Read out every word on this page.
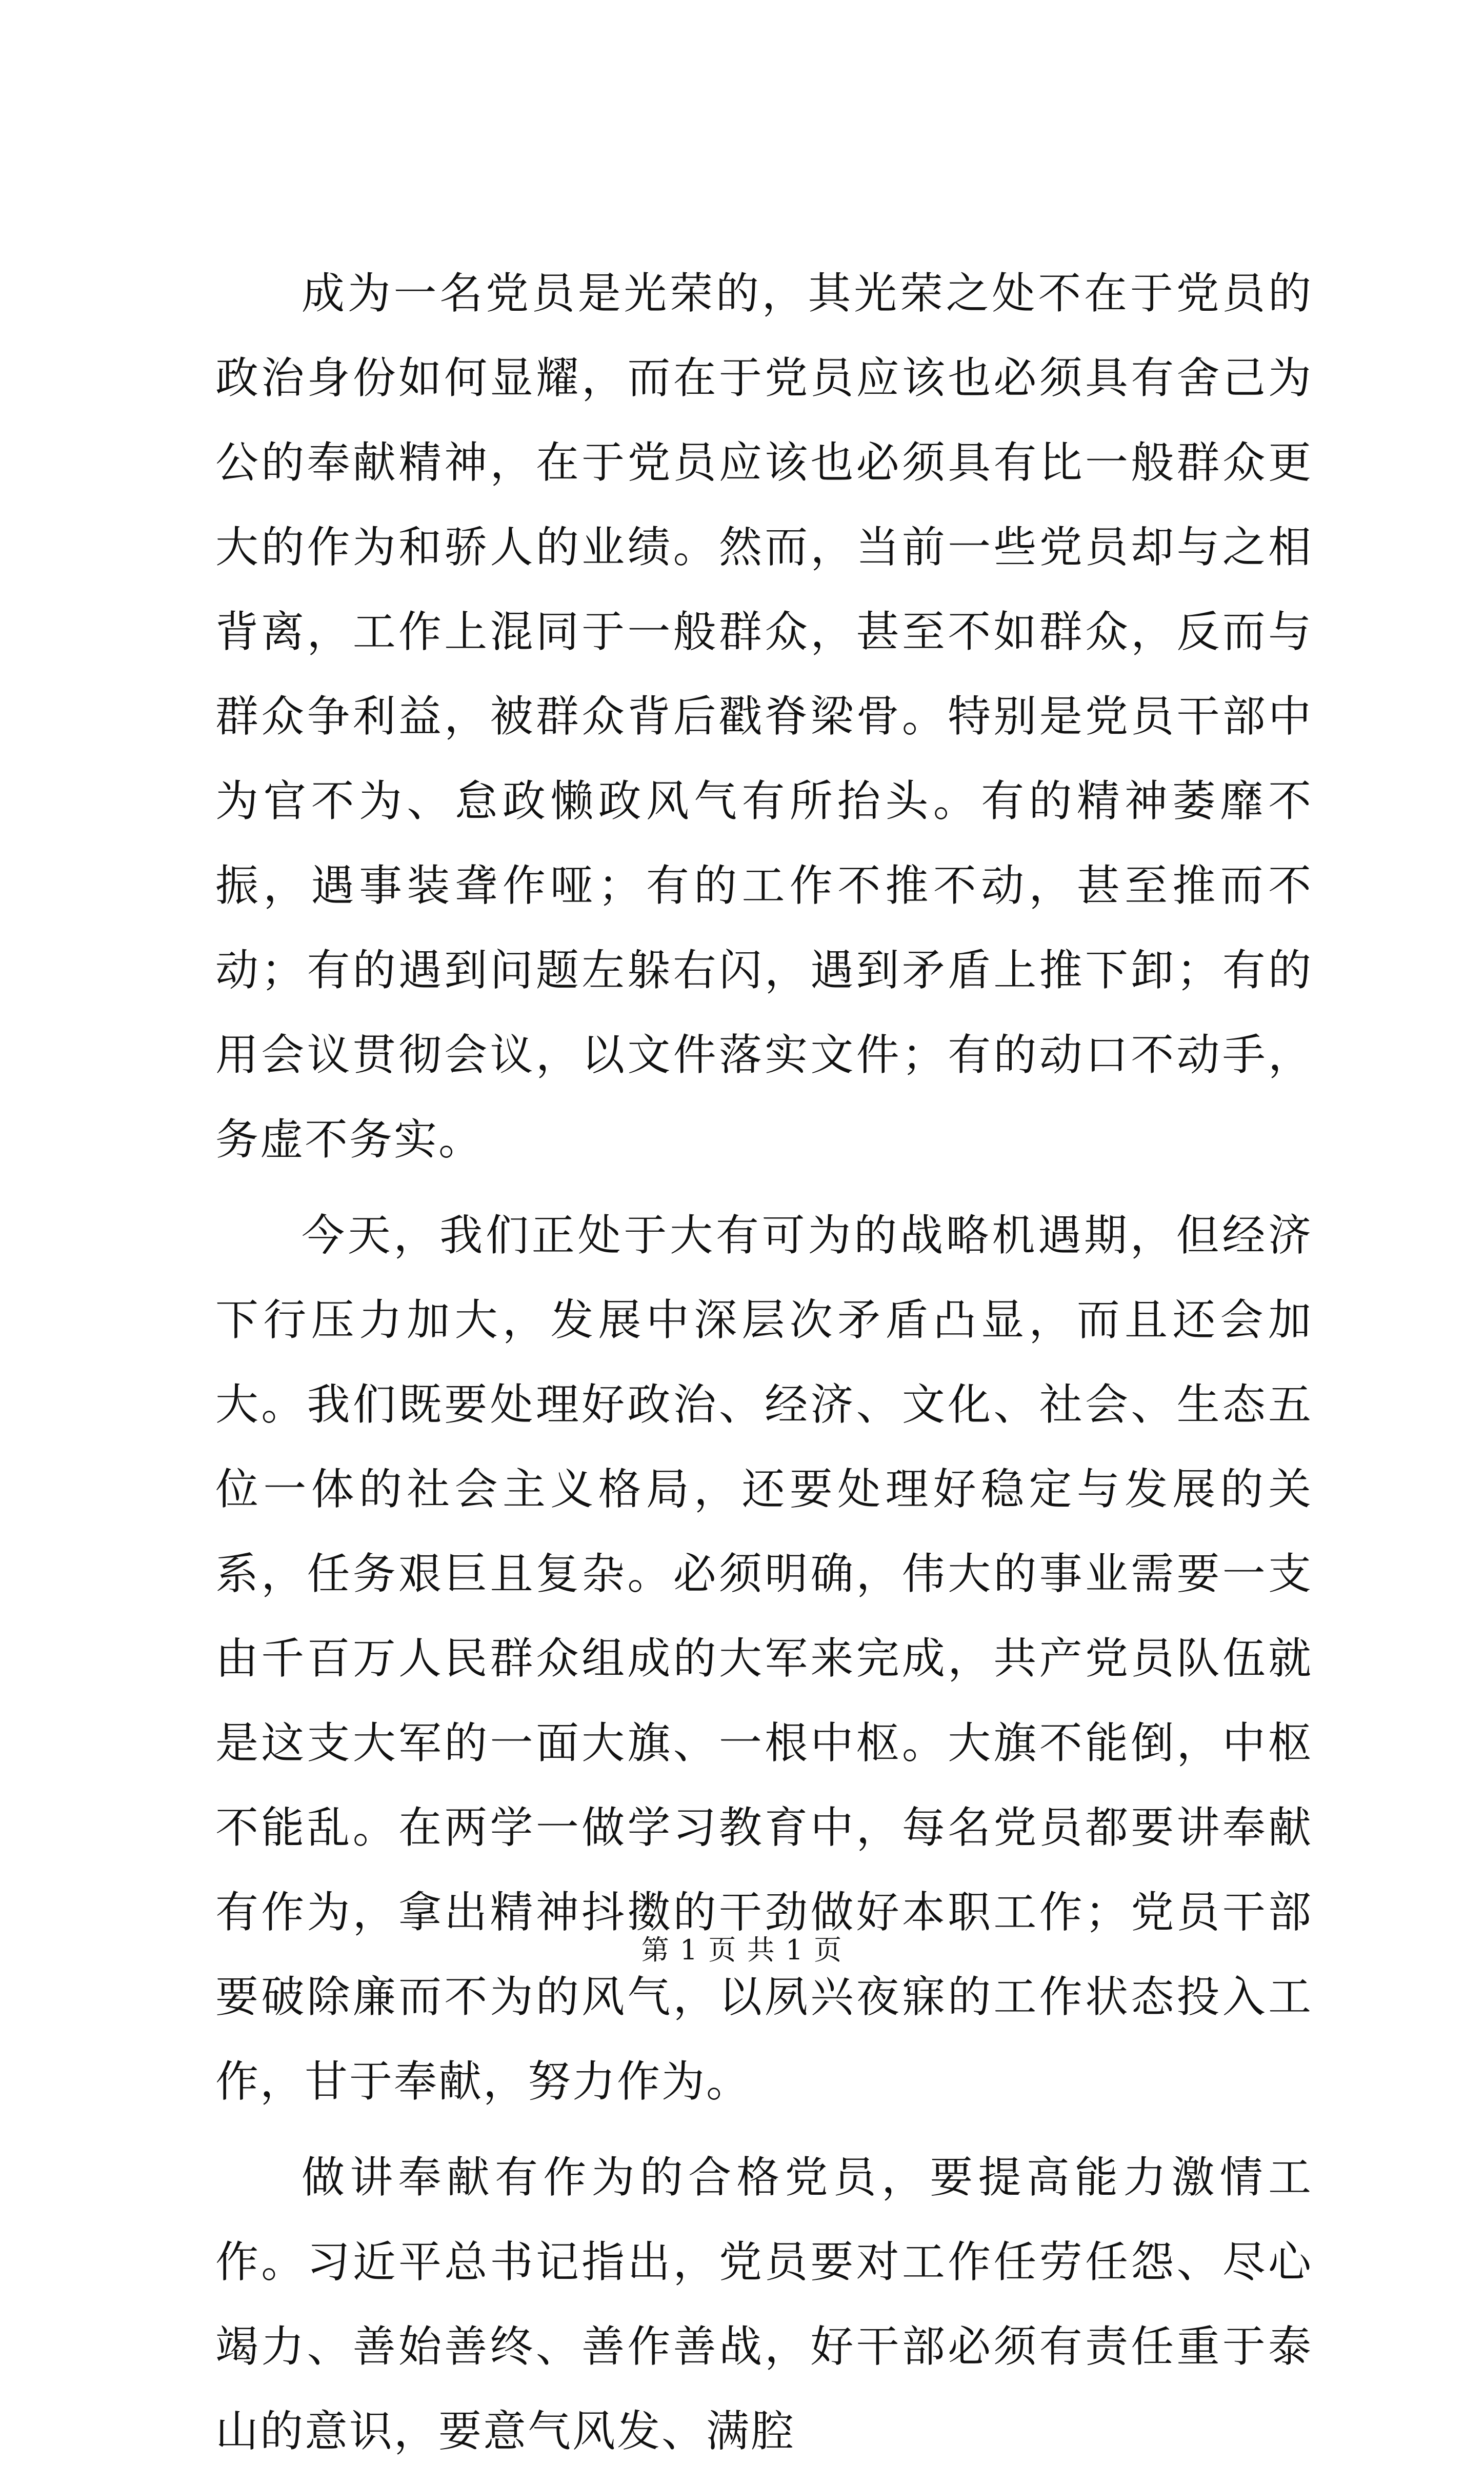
成为一名党员是光荣的，其光荣之处不在于党员的政治身份如何显耀，而在于党员应该也必须具有舍己为公的奉献精神，在于党员应该也必须具有比一般群众更大的作为和骄人的业绩。然而，当前一些党员却与之相背离，工作上混同于一般群众，甚至不如群众，反而与群众争利益，被群众背后戳脊梁骨。特别是党员干部中为官不为、怠政懒政风气有所抬头。有的精神萎靡不振，遇事装聋作哑；有的工作不推不动，甚至推而不动；有的遇到问题左躲右闪，遇到矛盾上推下卸；有的用会议贯彻会议，以文件落实文件；有的动口不动手，务虚不务实。

今天，我们正处于大有可为的战略机遇期，但经济下行压力加大，发展中深层次矛盾凸显，而且还会加大。我们既要处理好政治、经济、文化、社会、生态五位一体的社会主义格局，还要处理好稳定与发展的关系，任务艰巨且复杂。必须明确，伟大的事业需要一支由千百万人民群众组成的大军来完成，共产党员队伍就是这支大军的一面大旗、一根中枢。大旗不能倒，中枢不能乱。在两学一做学习教育中，每名党员都要讲奉献有作为，拿出精神抖擞的干劲做好本职工作；党员干部要破除廉而不为的风气，以夙兴夜寐的工作状态投入工作，甘于奉献，努力作为。

做讲奉献有作为的合格党员，要提高能力激情工作。习近平总书记指出，党员要对工作任劳任怨、尽心竭力、善始善终、善作善战，好干部必须有责任重于泰山的意识，要意气风发、满腔

第 1 页 共 1 页
